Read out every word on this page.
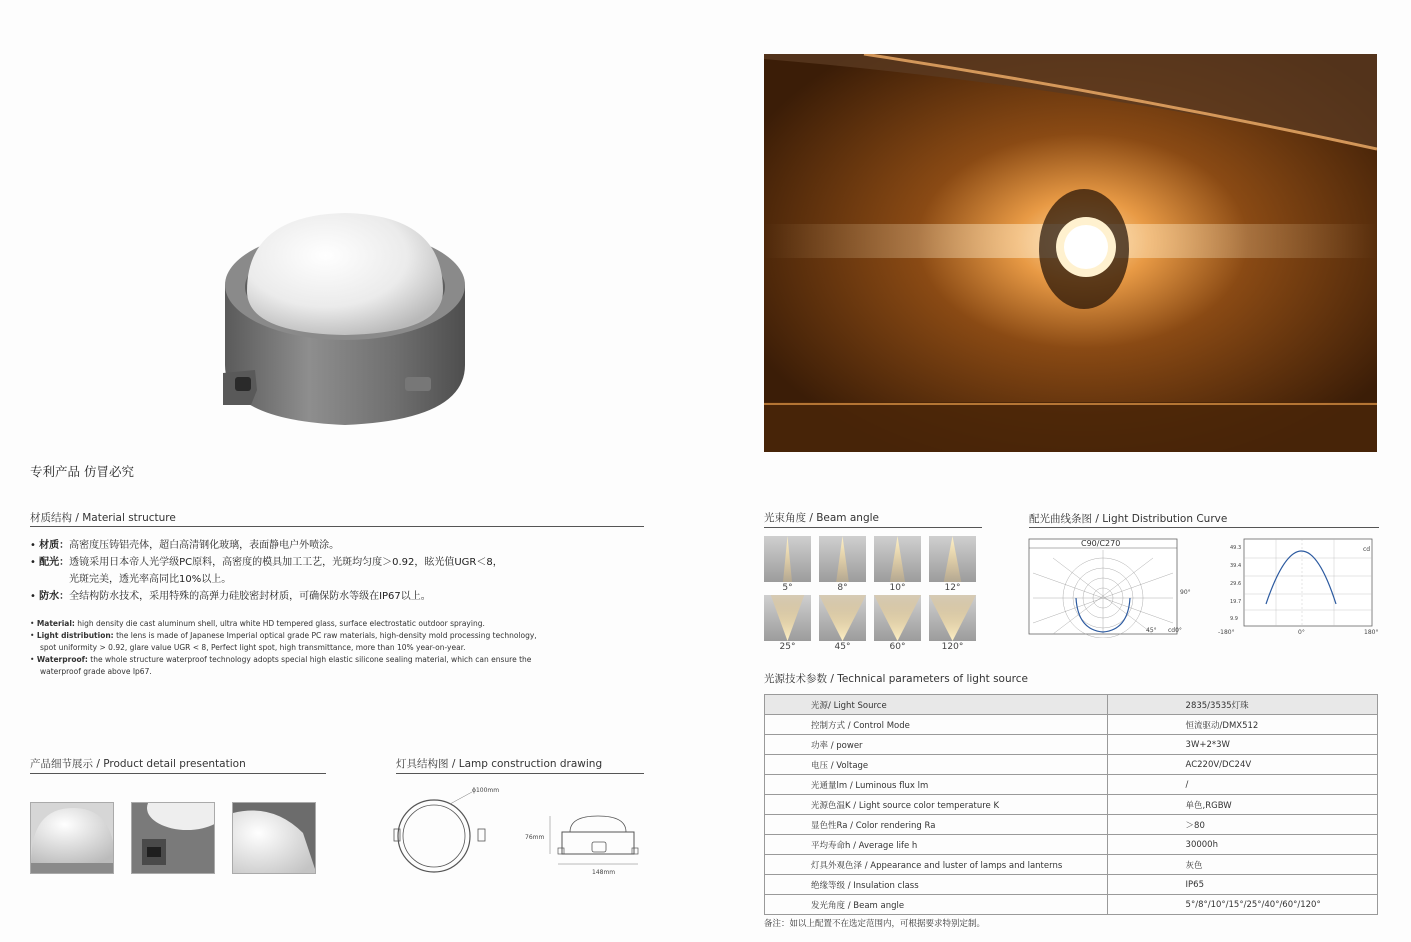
专利产品 仿冒必究
材质结构 / Material structure
• 材质：高密度压铸铝壳体，超白高清钢化玻璃，表面静电户外喷涂。
• 配光：透镜采用日本帝人光学级PC原料，高密度的模具加工工艺，光斑均匀度＞0.92，眩光值UGR＜8，
光斑完美，透光率高同比10%以上。
• 防水：全结构防水技术，采用特殊的高弹力硅胶密封材质，可确保防水等级在IP67以上。
• Material: high density die cast aluminum shell, ultra white HD tempered glass, surface electrostatic outdoor spraying.
• Light distribution: the lens is made of Japanese Imperial optical grade PC raw materials, high-density mold processing technology,
spot uniformity > 0.92, glare value UGR < 8, Perfect light spot, high transmittance, more than 10% year-on-year.
• Waterproof: the whole structure waterproof technology adopts special high elastic silicone sealing material, which can ensure the
waterproof grade above Ip67.
产品细节展示 / Product detail presentation	灯具结构图 / Lamp construction drawing
ϕ100mm
76mm
148mm
光束角度 / Beam angle
5°	8°	10°	12°
25°	45°	60°	120°
配光曲线条图 / Light Distribution Curve
C90/C270
90°
45° cd0°
49.3
39.4
29.6
19.7
9.9
cd
-180°	0°	180°
光源技术参数 / Technical parameters of light source
光源/ Light Source	2835/3535灯珠
控制方式 / Control Mode	恒流驱动/DMX512
功率 / power	3W+2*3W
电压 / Voltage	AC220V/DC24V
光通量lm / Luminous flux lm	/
光源色温K / Light source color temperature K	单色,RGBW
显色性Ra / Color rendering Ra	＞80
平均寿命h / Average life h	30000h
灯具外观色泽 / Appearance and luster of lamps and lanterns	灰色
绝缘等级 / Insulation class	IP65
发光角度 / Beam angle	5°/8°/10°/15°/25°/40°/60°/120°
备注：如以上配置不在选定范围内，可根据要求特别定制。
